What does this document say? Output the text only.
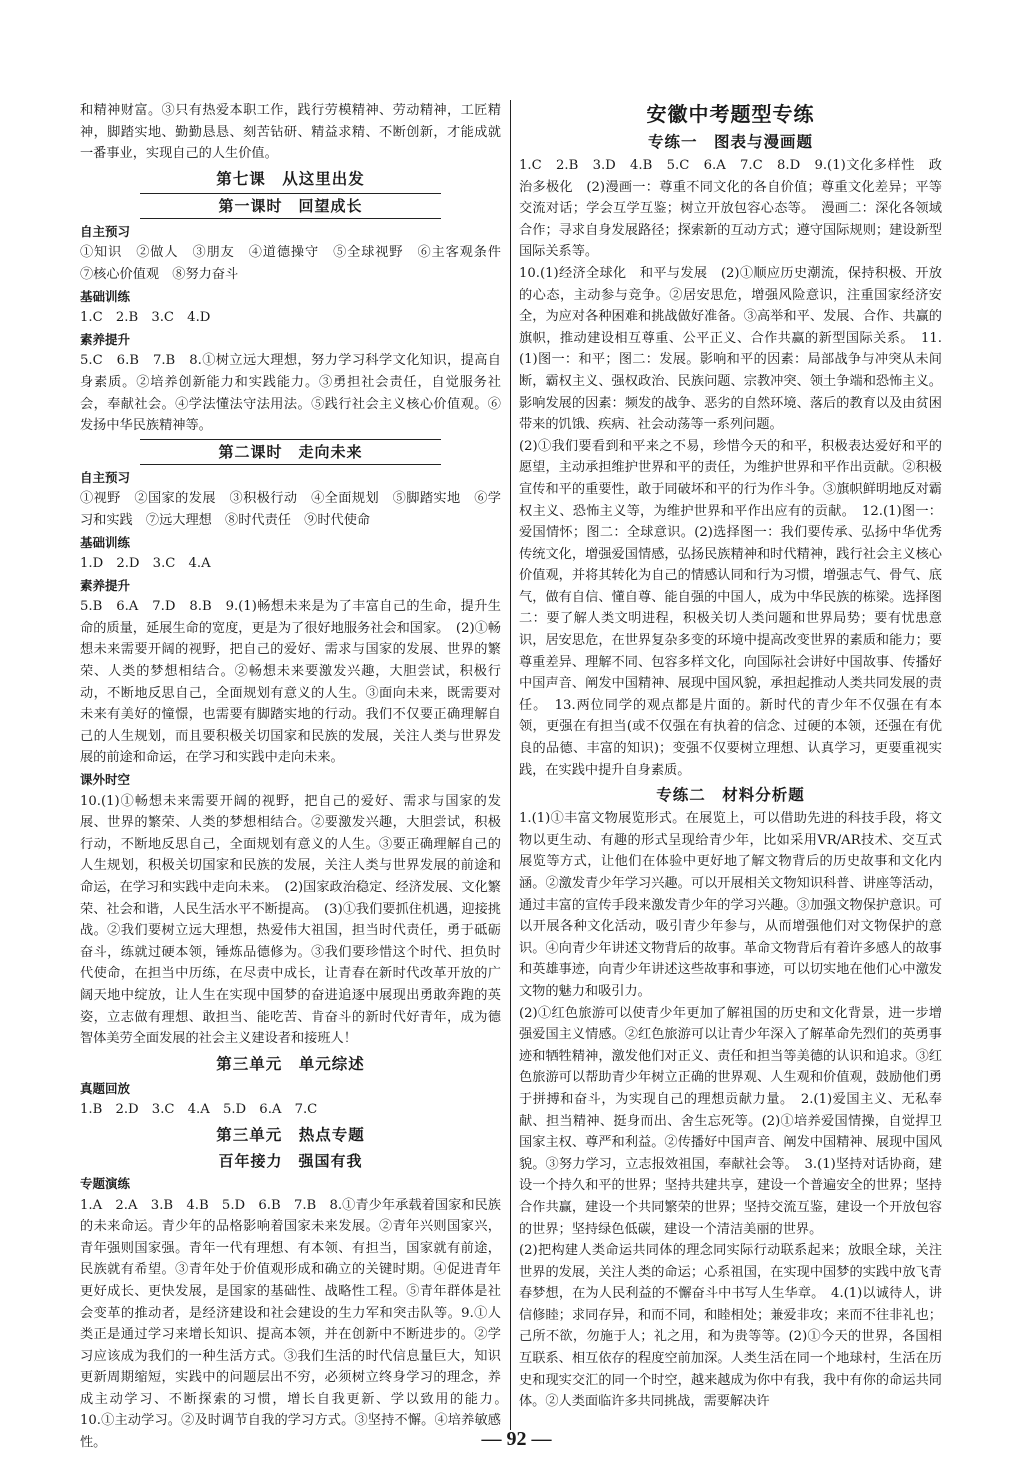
和精神财富。③只有热爱本职工作，践行劳模精神、劳动精神，工匠精神，脚踏实地、勤勤恳恳、刻苦钻研、精益求精、不断创新，才能成就一番事业，实现自己的人生价值。

第七课　从这里出发
第一课时　回望成长
自主预习

①知识　②做人　③朋友　④道德操守　⑤全球视野　⑥主客观条件　⑦核心价值观　⑧努力奋斗

基础训练

1.C　2.B　3.C　4.D

素养提升

5.C　6.B　7.B　8.①树立远大理想，努力学习科学文化知识，提高自身素质。②培养创新能力和实践能力。③勇担社会责任，自觉服务社会，奉献社会。④学法懂法守法用法。⑤践行社会主义核心价值观。⑥发扬中华民族精神等。

第二课时　走向未来
自主预习

①视野　②国家的发展　③积极行动　④全面规划　⑤脚踏实地　⑥学习和实践　⑦远大理想　⑧时代责任　⑨时代使命

基础训练

1.D　2.D　3.C　4.A

素养提升

5.B　6.A　7.D　8.B　9.(1)畅想未来是为了丰富自己的生命，提升生命的质量，延展生命的宽度，更是为了很好地服务社会和国家。　(2)①畅想未来需要开阔的视野，把自己的爱好、需求与国家的发展、世界的繁荣、人类的梦想相结合。②畅想未来要激发兴趣，大胆尝试，积极行动，不断地反思自己，全面规划有意义的人生。③面向未来，既需要对未来有美好的憧憬，也需要有脚踏实地的行动。我们不仅要正确理解自己的人生规划，而且要积极关切国家和民族的发展，关注人类与世界发展的前途和命运，在学习和实践中走向未来。

课外时空

10.(1)①畅想未来需要开阔的视野，把自己的爱好、需求与国家的发展、世界的繁荣、人类的梦想相结合。②要激发兴趣，大胆尝试，积极行动，不断地反思自己，全面规划有意义的人生。③要正确理解自己的人生规划，积极关切国家和民族的发展，关注人类与世界发展的前途和命运，在学习和实践中走向未来。　(2)国家政治稳定、经济发展、文化繁荣、社会和谐，人民生活水平不断提高。　(3)①我们要抓住机遇，迎接挑战。②我们要树立远大理想，热爱伟大祖国，担当时代责任，勇于砥砺奋斗，练就过硬本领，锤炼品德修为。③我们要珍惜这个时代、担负时代使命，在担当中历练，在尽责中成长，让青春在新时代改革开放的广阔天地中绽放，让人生在实现中国梦的奋进追逐中展现出勇敢奔跑的英姿，立志做有理想、敢担当、能吃苦、肯奋斗的新时代好青年，成为德智体美劳全面发展的社会主义建设者和接班人！

第三单元　单元综述
真题回放

1.B　2.D　3.C　4.A　5.D　6.A　7.C

第三单元　热点专题
百年接力　强国有我
专题演练

1.A　2.A　3.B　4.B　5.D　6.B　7.B　8.①青少年承载着国家和民族的未来命运。青少年的品格影响着国家未来发展。②青年兴则国家兴，青年强则国家强。青年一代有理想、有本领、有担当，国家就有前途，民族就有希望。③青年处于价值观形成和确立的关键时期。④促进青年更好成长、更快发展，是国家的基础性、战略性工程。⑤青年群体是社会变革的推动者，是经济建设和社会建设的生力军和突击队等。9.①人类正是通过学习来增长知识、提高本领，并在创新中不断进步的。②学习应该成为我们的一种生活方式。③我们生活的时代信息量巨大，知识更新周期缩短，实践中的问题层出不穷，必须树立终身学习的理念，养成主动学习、不断探索的习惯，增长自我更新、学以致用的能力。　10.①主动学习。②及时调节自我的学习方式。③坚持不懈。④培养敏感性。

安徽中考题型专练
专练一　图表与漫画题

1.C　2.B　3.D　4.B　5.C　6.A　7.C　8.D　9.(1)文化多样性　政治多极化　(2)漫画一：尊重不同文化的各自价值；尊重文化差异；平等交流对话；学会互学互鉴；树立开放包容心态等。　漫画二：深化各领域合作；寻求自身发展路径；探索新的互动方式；遵守国际规则；建设新型国际关系等。

10.(1)经济全球化　和平与发展　(2)①顺应历史潮流，保持积极、开放的心态，主动参与竞争。②居安思危，增强风险意识，注重国家经济安全，为应对各种困难和挑战做好准备。③高举和平、发展、合作、共赢的旗帜，推动建设相互尊重、公平正义、合作共赢的新型国际关系。　11.(1)图一：和平；图二：发展。影响和平的因素：局部战争与冲突从未间断，霸权主义、强权政治、民族问题、宗教冲突、领土争端和恐怖主义。影响发展的因素：频发的战争、恶劣的自然环境、落后的教育以及由贫困带来的饥饿、疾病、社会动荡等一系列问题。

(2)①我们要看到和平来之不易，珍惜今天的和平，积极表达爱好和平的愿望，主动承担维护世界和平的责任，为维护世界和平作出贡献。②积极宣传和平的重要性，敢于同破坏和平的行为作斗争。③旗帜鲜明地反对霸权主义、恐怖主义等，为维护世界和平作出应有的贡献。　12.(1)图一：爱国情怀；图二：全球意识。(2)选择图一：我们要传承、弘扬中华优秀传统文化，增强爱国情感，弘扬民族精神和时代精神，践行社会主义核心价值观，并将其转化为自己的情感认同和行为习惯，增强志气、骨气、底气，做有自信、懂自尊、能自强的中国人，成为中华民族的栋梁。选择图二：要了解人类文明进程，积极关切人类问题和世界局势；要有忧患意识，居安思危，在世界复杂多变的环境中提高改变世界的素质和能力；要尊重差异、理解不同、包容多样文化，向国际社会讲好中国故事、传播好中国声音、阐发中国精神、展现中国风貌，承担起推动人类共同发展的责任。　13.两位同学的观点都是片面的。新时代的青少年不仅强在有本领，更强在有担当(或不仅强在有执着的信念、过硬的本领，还强在有优良的品德、丰富的知识)；变强不仅要树立理想、认真学习，更要重视实践，在实践中提升自身素质。

专练二　材料分析题

1.(1)①丰富文物展览形式。在展览上，可以借助先进的科技手段，将文物以更生动、有趣的形式呈现给青少年，比如采用VR/AR技术、交互式展览等方式，让他们在体验中更好地了解文物背后的历史故事和文化内涵。②激发青少年学习兴趣。可以开展相关文物知识科普、讲座等活动，通过丰富的宣传手段来激发青少年的学习兴趣。③加强文物保护意识。可以开展各种文化活动，吸引青少年参与，从而增强他们对文物保护的意识。④向青少年讲述文物背后的故事。革命文物背后有着许多感人的故事和英雄事迹，向青少年讲述这些故事和事迹，可以切实地在他们心中激发文物的魅力和吸引力。

(2)①红色旅游可以使青少年更加了解祖国的历史和文化背景，进一步增强爱国主义情感。②红色旅游可以让青少年深入了解革命先烈们的英勇事迹和牺牲精神，激发他们对正义、责任和担当等美德的认识和追求。③红色旅游可以帮助青少年树立正确的世界观、人生观和价值观，鼓励他们勇于拼搏和奋斗，为实现自己的理想贡献力量。　2.(1)爱国主义、无私奉献、担当精神、挺身而出、舍生忘死等。(2)①培养爱国情操，自觉捍卫国家主权、尊严和利益。②传播好中国声音、阐发中国精神、展现中国风貌。③努力学习，立志报效祖国，奉献社会等。　3.(1)坚持对话协商，建设一个持久和平的世界；坚持共建共享，建设一个普遍安全的世界；坚持合作共赢，建设一个共同繁荣的世界；坚持交流互鉴，建设一个开放包容的世界；坚持绿色低碳，建设一个清洁美丽的世界。

(2)把构建人类命运共同体的理念同实际行动联系起来；放眼全球，关注世界的发展，关注人类的命运；心系祖国，在实现中国梦的实践中放飞青春梦想，在为人民利益的不懈奋斗中书写人生华章。　4.(1)以诚待人，讲信修睦；求同存异，和而不同，和睦相处；兼爱非攻；来而不往非礼也；己所不欲，勿施于人；礼之用，和为贵等等。(2)①今天的世界，各国相互联系、相互依存的程度空前加深。人类生活在同一个地球村，生活在历史和现实交汇的同一个时空，越来越成为你中有我，我中有你的命运共同体。②人类面临许多共同挑战，需要解决许

— 92 —
